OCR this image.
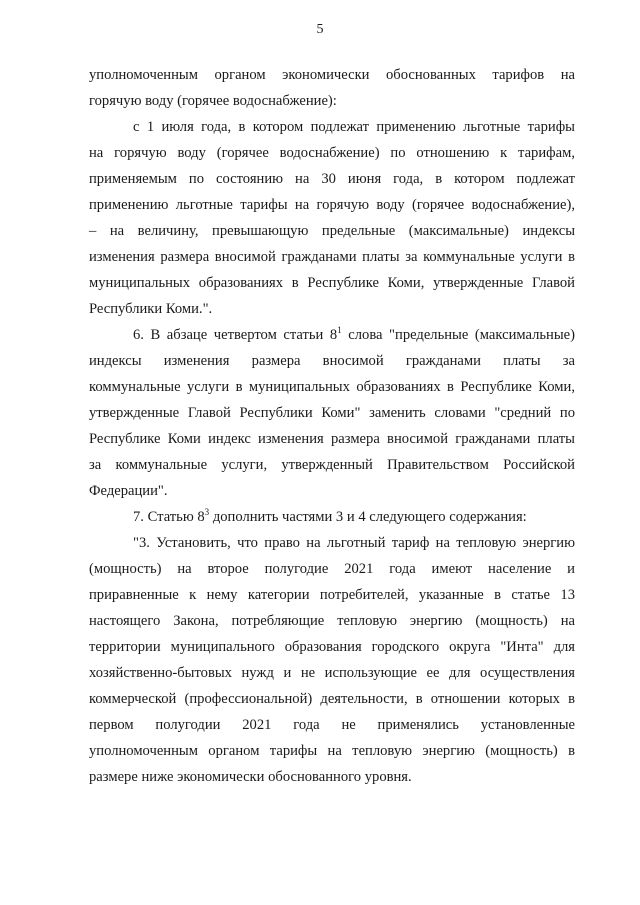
5
уполномоченным органом экономически обоснованных тарифов на
горячую воду (горячее водоснабжение):
с 1 июля года, в котором подлежат применению льготные тарифы
на горячую воду (горячее водоснабжение) по отношению к тарифам,
применяемым по состоянию на 30 июня года, в котором подлежат
применению льготные тарифы на горячую воду (горячее водоснабжение),
– на величину, превышающую предельные (максимальные) индексы
изменения размера вносимой гражданами платы за коммунальные услуги в
муниципальных образованиях в Республике Коми, утвержденные Главой
Республики Коми.".
6. В абзаце четвертом статьи $8^1$ слова "предельные (максимальные)
индексы изменения размера вносимой гражданами платы за
коммунальные услуги в муниципальных образованиях в Республике Коми,
утвержденные Главой Республики Коми" заменить словами "средний по
Республике Коми индекс изменения размера вносимой гражданами платы
за коммунальные услуги, утвержденный Правительством Российской
Федерации".
7. Статью $8^3$ дополнить частями 3 и 4 следующего содержания:
"3. Установить, что право на льготный тариф на тепловую энергию
(мощность) на второе полугодие 2021 года имеют население и
приравненные к нему категории потребителей, указанные в статье 13
настоящего Закона, потребляющие тепловую энергию (мощность) на
территории муниципального образования городского округа "Инта" для
хозяйственно-бытовых нужд и не использующие ее для осуществления
коммерческой (профессиональной) деятельности, в отношении которых в
первом полугодии 2021 года не применялись установленные
уполномоченным органом тарифы на тепловую энергию (мощность) в
размере ниже экономически обоснованного уровня.
